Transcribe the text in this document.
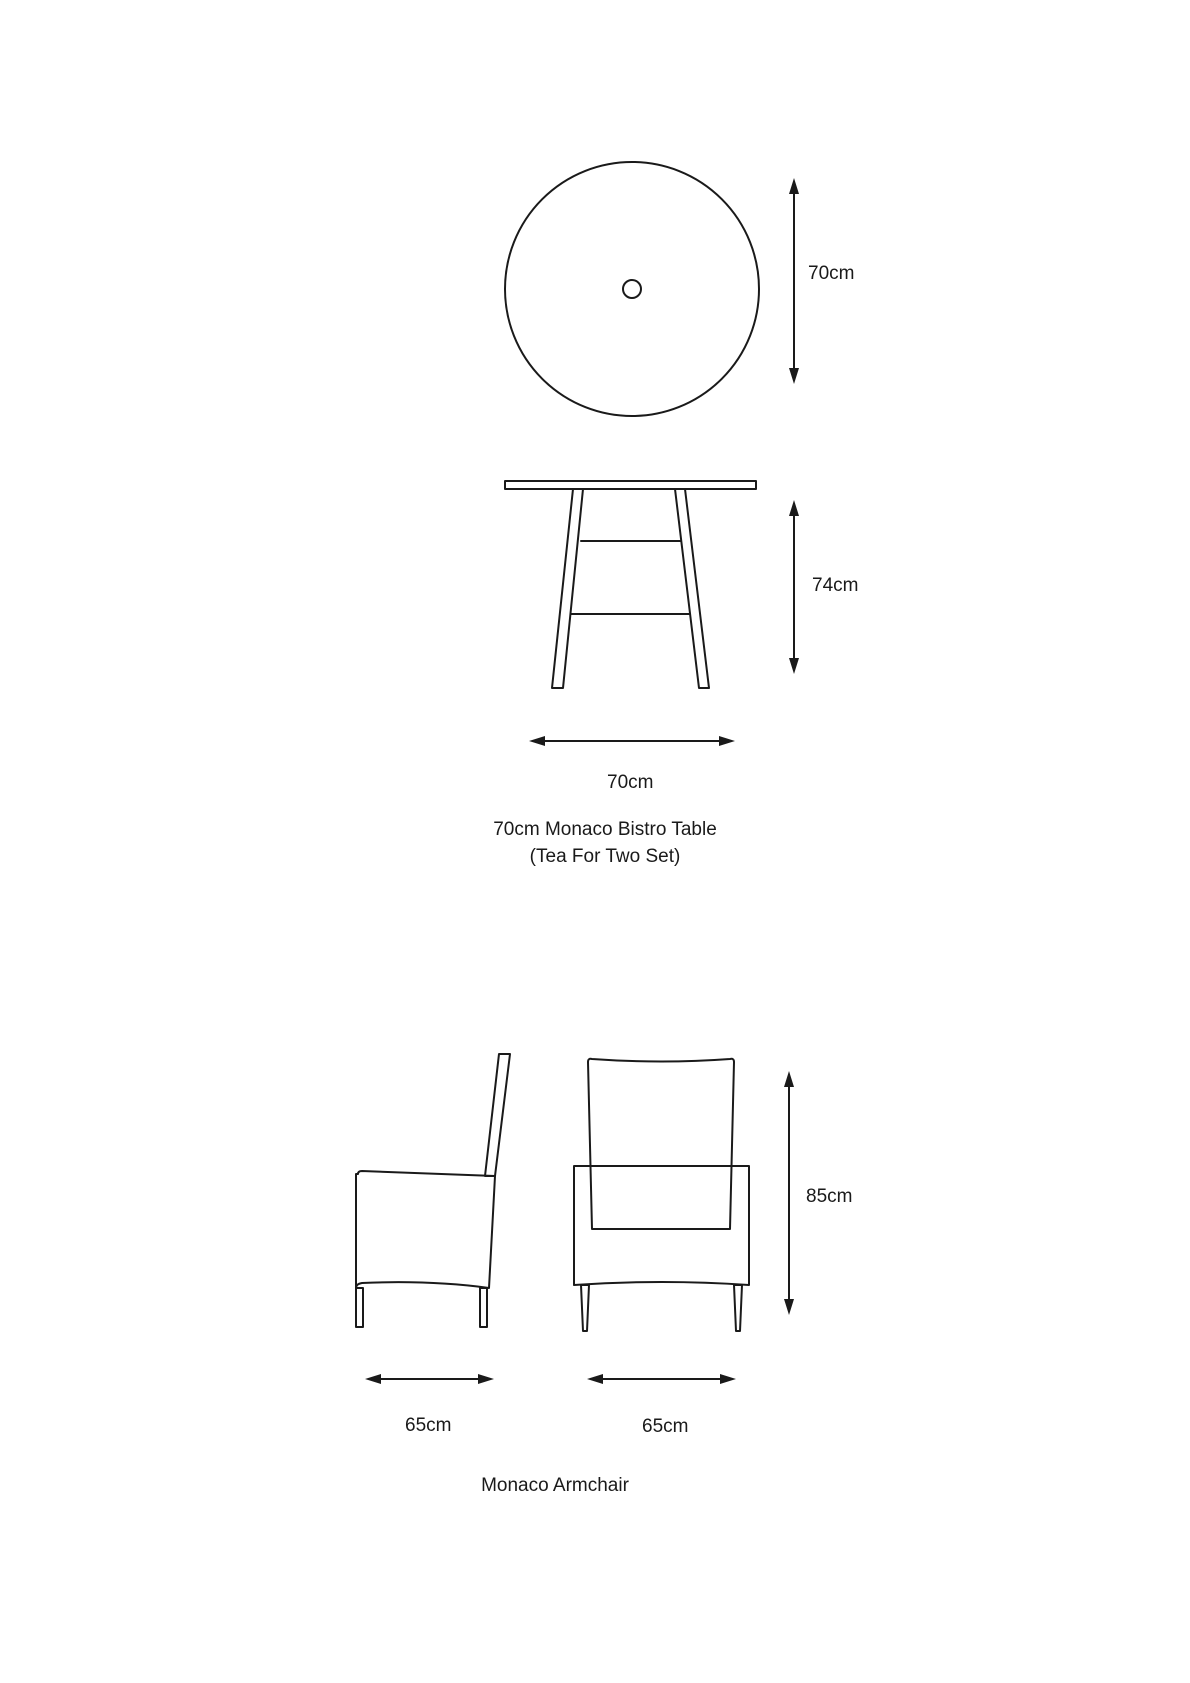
70cm
74cm
70cm
70cm Monaco Bistro Table
(Tea For Two Set)
85cm
65cm	65cm
Monaco Armchair
